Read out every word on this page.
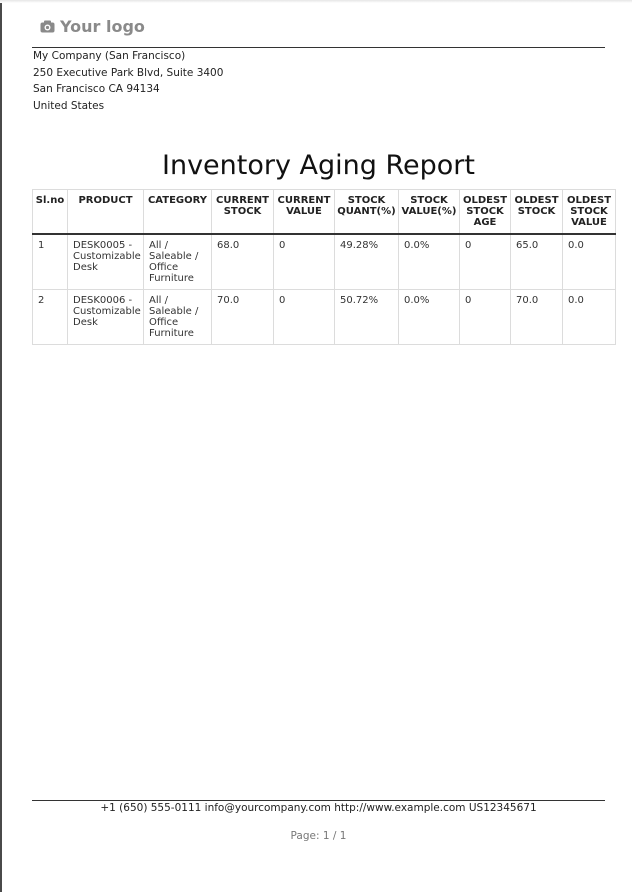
Your logo
My Company (San Francisco)
250 Executive Park Blvd, Suite 3400
San Francisco CA 94134
United States
Inventory Aging Report
Sl.no	PRODUCT	CATEGORY	CURRENT STOCK	CURRENT VALUE	STOCK QUANT(%)	STOCK VALUE(%)	OLDEST STOCK AGE	OLDEST STOCK	OLDEST STOCK VALUE
1	DESK0005 - Customizable Desk	All / Saleable / Office Furniture	68.0	0	49.28%	0.0%	0	65.0	0.0
2	DESK0006 - Customizable Desk	All / Saleable / Office Furniture	70.0	0	50.72%	0.0%	0	70.0	0.0
+1 (650) 555-0111 info@yourcompany.com http://www.example.com US12345671
Page: 1 / 1
